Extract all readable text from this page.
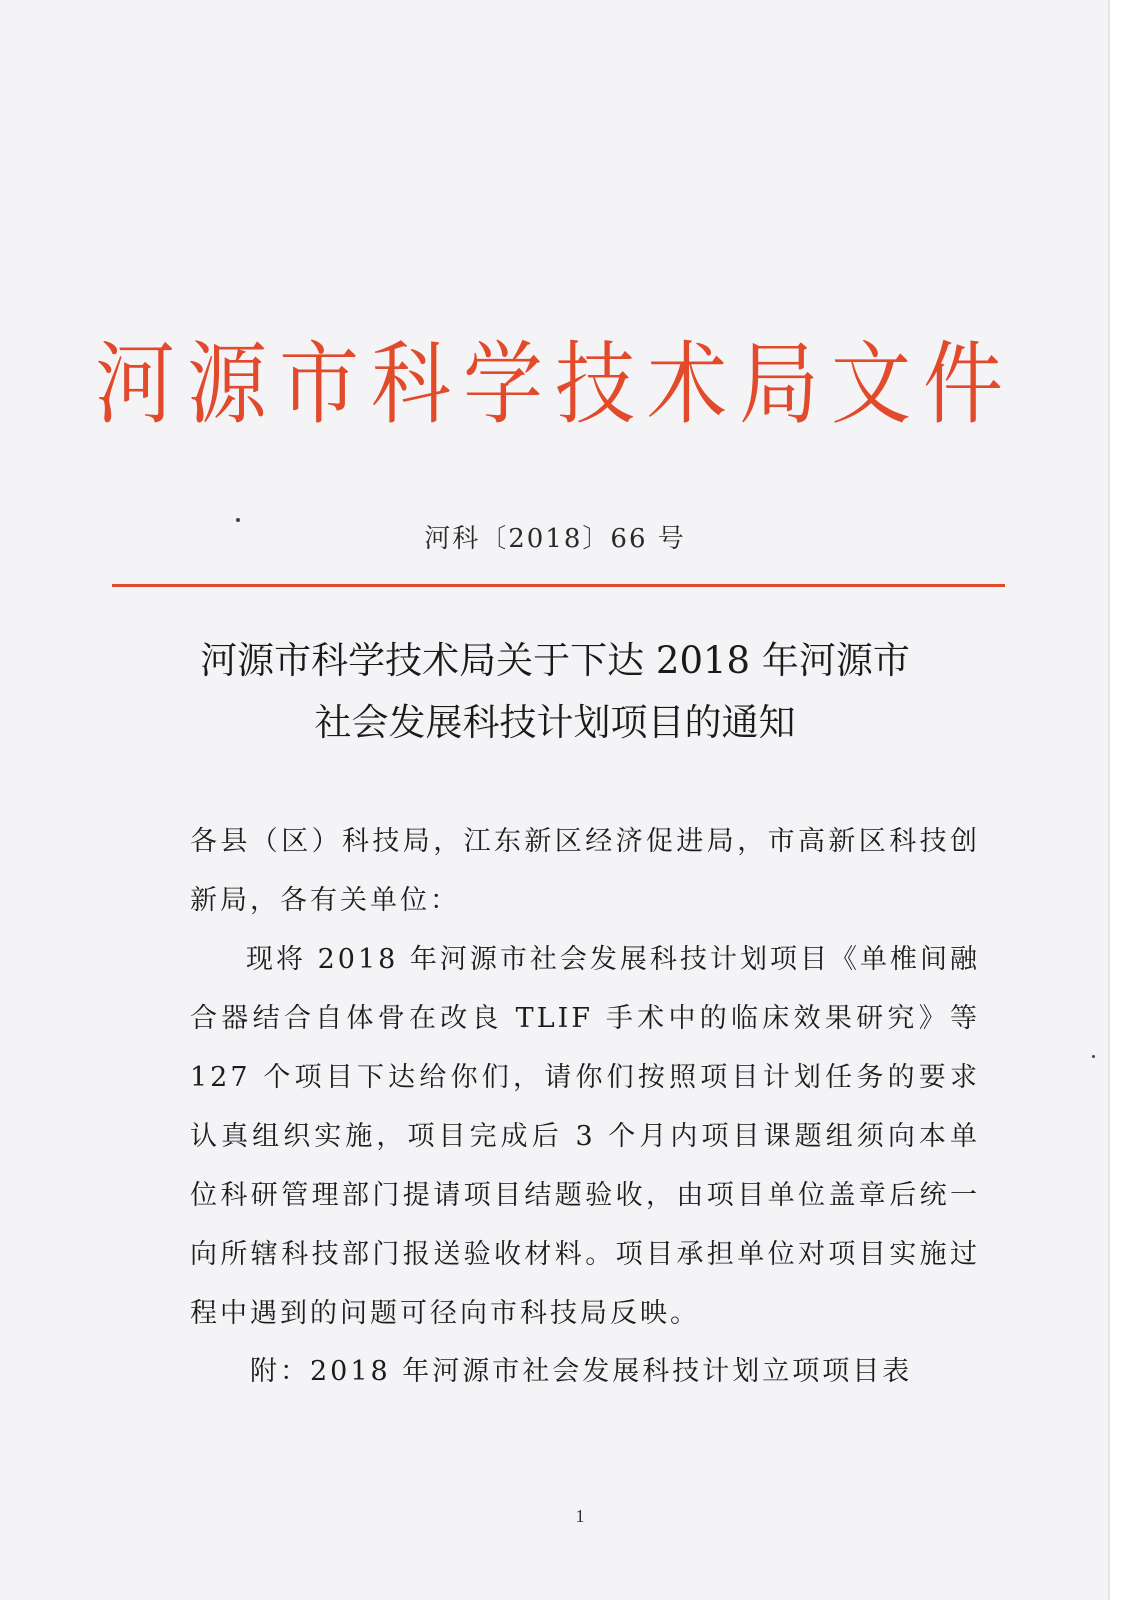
河源市科学技术局文件
河科〔2018〕66 号
河源市科学技术局关于下达 2018 年河源市
社会发展科技计划项目的通知

各县（区）科技局，江东新区经济促进局，市高新区科技创新局，各有关单位：

现将 2018 年河源市社会发展科技计划项目《单椎间融合器结合自体骨在改良 TLIF 手术中的临床效果研究》等 127 个项目下达给你们，请你们按照项目计划任务的要求认真组织实施，项目完成后 3 个月内项目课题组须向本单位科研管理部门提请项目结题验收，由项目单位盖章后统一向所辖科技部门报送验收材料。项目承担单位对项目实施过程中遇到的问题可径向市科技局反映。

附：2018 年河源市社会发展科技计划立项项目表
1
